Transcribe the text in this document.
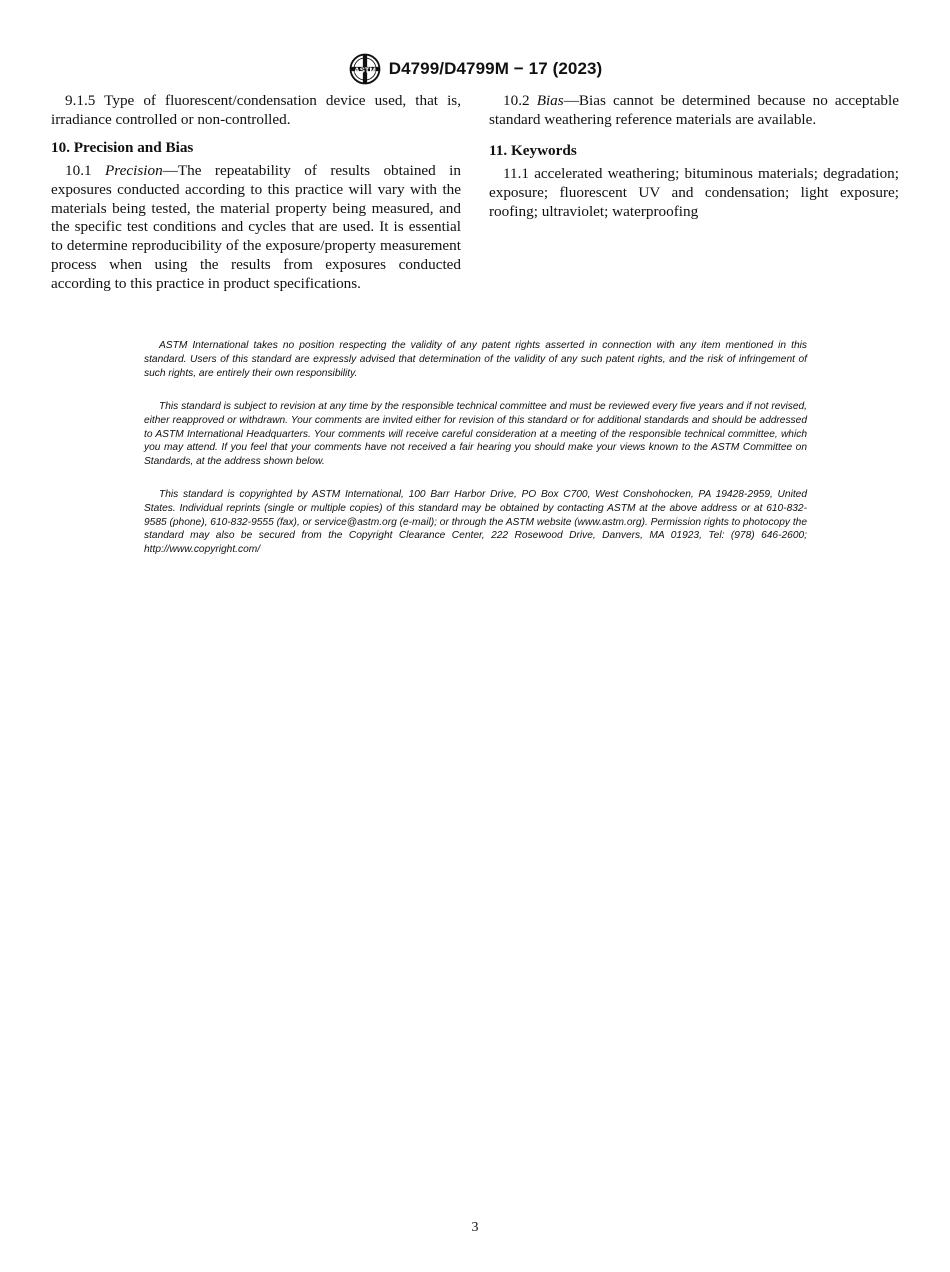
ASTM D4799/D4799M − 17 (2023)

9.1.5 Type of fluorescent/condensation device used, that is, irradiance controlled or non-controlled.

10. Precision and Bias

10.1 Precision—The repeatability of results obtained in exposures conducted according to this practice will vary with the materials being tested, the material property being measured, and the specific test conditions and cycles that are used. It is essential to determine reproducibility of the exposure/property measurement process when using the results from exposures conducted according to this practice in product specifications.

10.2 Bias—Bias cannot be determined because no acceptable standard weathering reference materials are available.

11. Keywords

11.1 accelerated weathering; bituminous materials; degradation; exposure; fluorescent UV and condensation; light exposure; roofing; ultraviolet; waterproofing

ASTM International takes no position respecting the validity of any patent rights asserted in connection with any item mentioned in this standard. Users of this standard are expressly advised that determination of the validity of any such patent rights, and the risk of infringement of such rights, are entirely their own responsibility.

This standard is subject to revision at any time by the responsible technical committee and must be reviewed every five years and if not revised, either reapproved or withdrawn. Your comments are invited either for revision of this standard or for additional standards and should be addressed to ASTM International Headquarters. Your comments will receive careful consideration at a meeting of the responsible technical committee, which you may attend. If you feel that your comments have not received a fair hearing you should make your views known to the ASTM Committee on Standards, at the address shown below.

This standard is copyrighted by ASTM International, 100 Barr Harbor Drive, PO Box C700, West Conshohocken, PA 19428-2959, United States. Individual reprints (single or multiple copies) of this standard may be obtained by contacting ASTM at the above address or at 610-832-9585 (phone), 610-832-9555 (fax), or service@astm.org (e-mail); or through the ASTM website (www.astm.org). Permission rights to photocopy the standard may also be secured from the Copyright Clearance Center, 222 Rosewood Drive, Danvers, MA 01923, Tel: (978) 646-2600; http://www.copyright.com/

3
